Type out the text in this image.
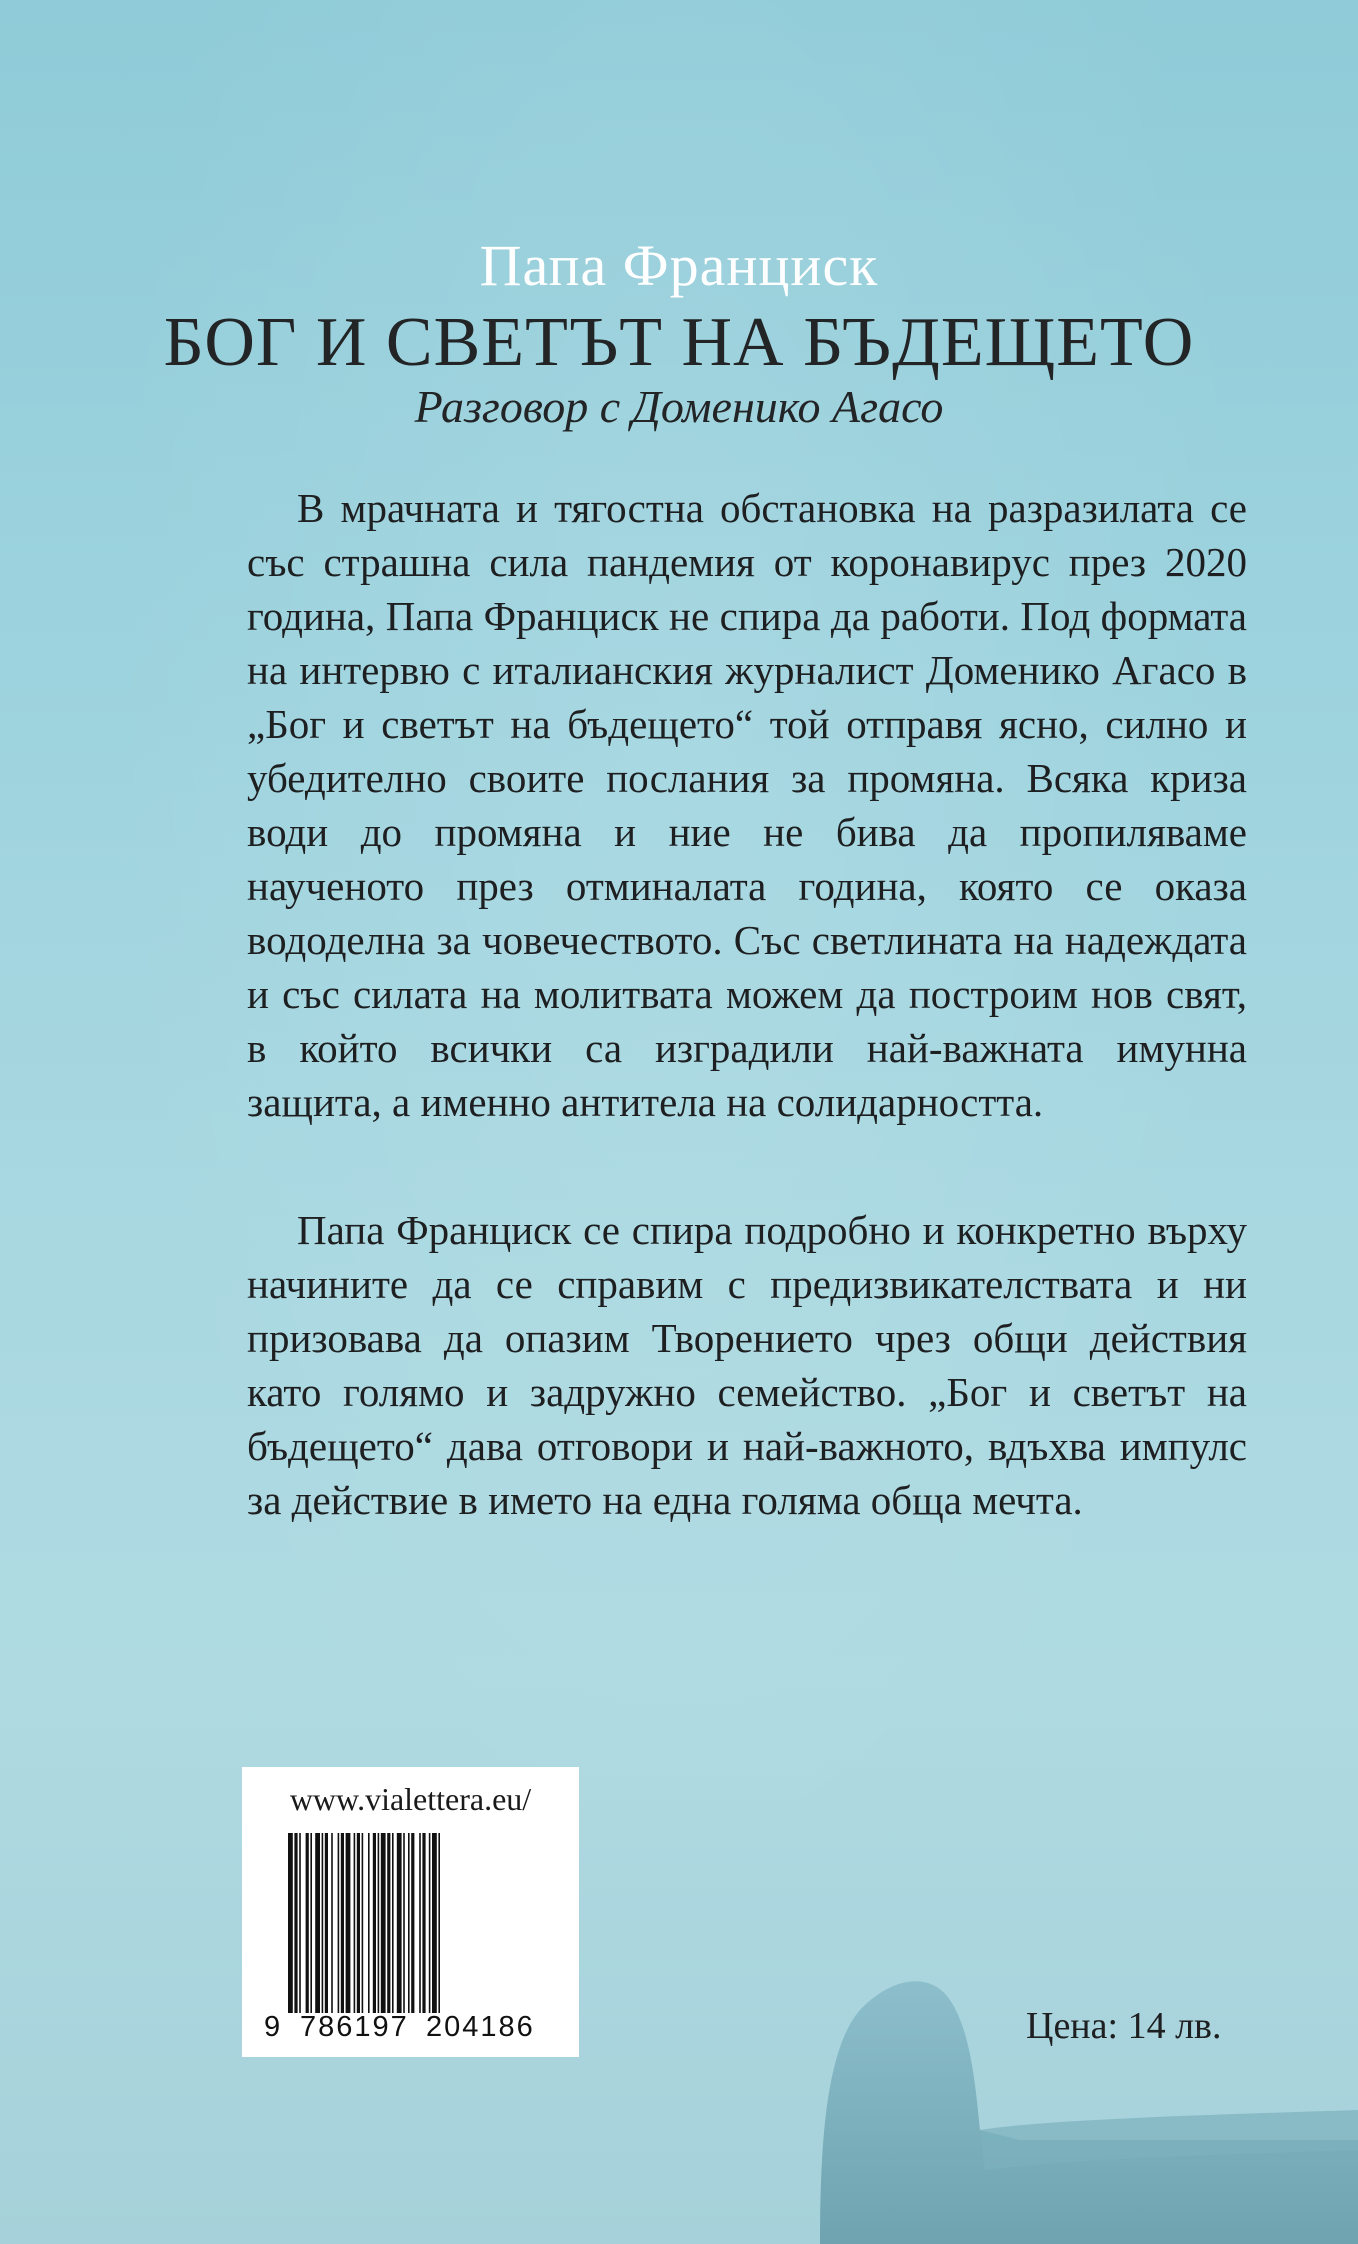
Папа Франциск
БОГ И СВЕТЪТ НА БЪДЕЩЕТО
Разговор с Доменико Агасо

В мрачната и тягостна обстановка на разразилата се със страшна сила пандемия от коронавирус през 2020 година, Папа Франциск не спира да работи. Под формата на интервю с италианския журналист Доменико Агасо в „Бог и светът на бъдещето“ той отправя ясно, силно и убедително своите послания за промяна. Всяка криза води до промяна и ние не бива да пропиляваме наученото през отминалата година, която се оказа вододелна за човечеството. Със светлината на надеждата и със силата на молитвата можем да построим нов свят, в който всички са изградили най-важната имунна защита, а именно антитела на солидарността.

Папа Франциск се спира подробно и конкретно върху начините да се справим с предизвикателствата и ни призовава да опазим Творението чрез общи действия като голямо и задружно семейство. „Бог и светът на бъдещето“ дава отговори и най-важното, вдъхва импулс за действие в името на една голяма обща мечта.

www.vialettera.eu/
9 786197 204186	Цена: 14 лв.
